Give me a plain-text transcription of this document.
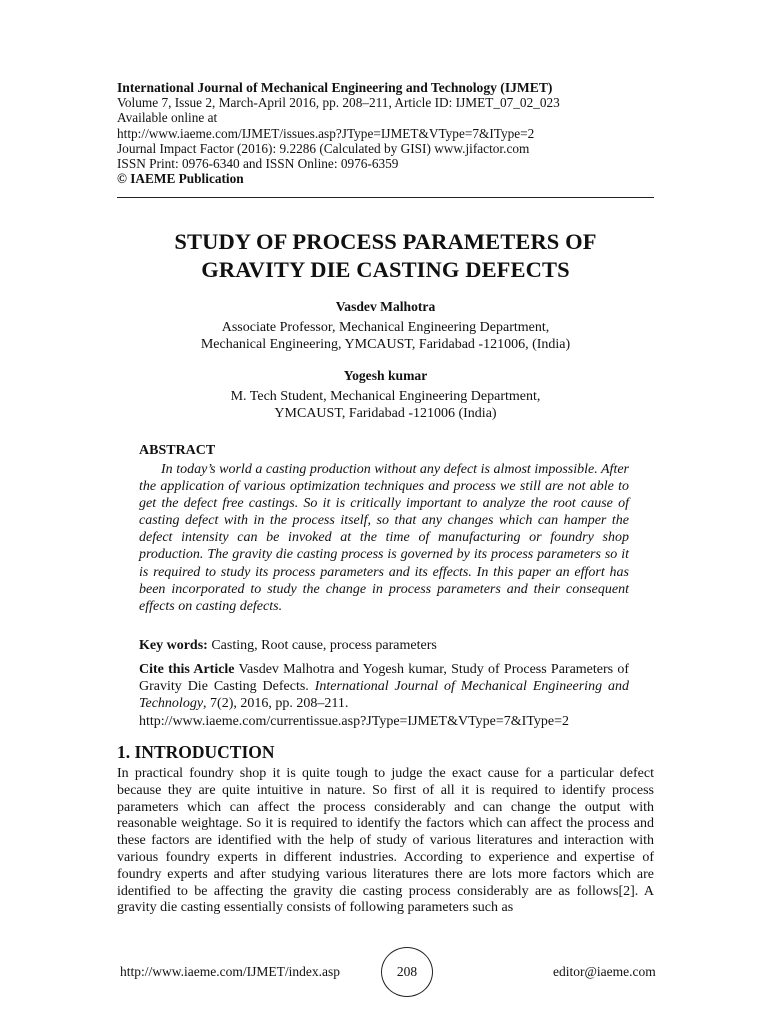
International Journal of Mechanical Engineering and Technology (IJMET)
Volume 7, Issue 2, March-April 2016, pp. 208–211, Article ID: IJMET_07_02_023
Available online at
http://www.iaeme.com/IJMET/issues.asp?JType=IJMET&VType=7&IType=2
Journal Impact Factor (2016): 9.2286 (Calculated by GISI) www.jifactor.com
ISSN Print: 0976-6340 and ISSN Online: 0976-6359
© IAEME Publication
STUDY OF PROCESS PARAMETERS OF
GRAVITY DIE CASTING DEFECTS
Vasdev Malhotra
Associate Professor, Mechanical Engineering Department,
Mechanical Engineering, YMCAUST, Faridabad -121006, (India)
Yogesh kumar
M. Tech Student, Mechanical Engineering Department,
YMCAUST, Faridabad -121006 (India)
ABSTRACT
In today’s world a casting production without any defect is almost impossible. After the application of various optimization techniques and process we still are not able to get the defect free castings. So it is critically important to analyze the root cause of casting defect with in the process itself, so that any changes which can hamper the defect intensity can be invoked at the time of manufacturing or foundry shop production. The gravity die casting process is governed by its process parameters so it is required to study its process parameters and its effects. In this paper an effort has been incorporated to study the change in process parameters and their consequent effects on casting defects.
Key words: Casting, Root cause, process parameters
Cite this Article Vasdev Malhotra and Yogesh kumar, Study of Process Parameters of Gravity Die Casting Defects. International Journal of Mechanical Engineering and Technology, 7(2), 2016, pp. 208–211.
http://www.iaeme.com/currentissue.asp?JType=IJMET&VType=7&IType=2
1. INTRODUCTION
In practical foundry shop it is quite tough to judge the exact cause for a particular defect because they are quite intuitive in nature. So first of all it is required to identify process parameters which can affect the process considerably and can change the output with reasonable weightage. So it is required to identify the factors which can affect the process and these factors are identified with the help of study of various literatures and interaction with various foundry experts in different industries. According to experience and expertise of foundry experts and after studying various literatures there are lots more factors which are identified to be affecting the gravity die casting process considerably are as follows[2]. A gravity die casting essentially consists of following parameters such as
http://www.iaeme.com/IJMET/index.asp	208	editor@iaeme.com
